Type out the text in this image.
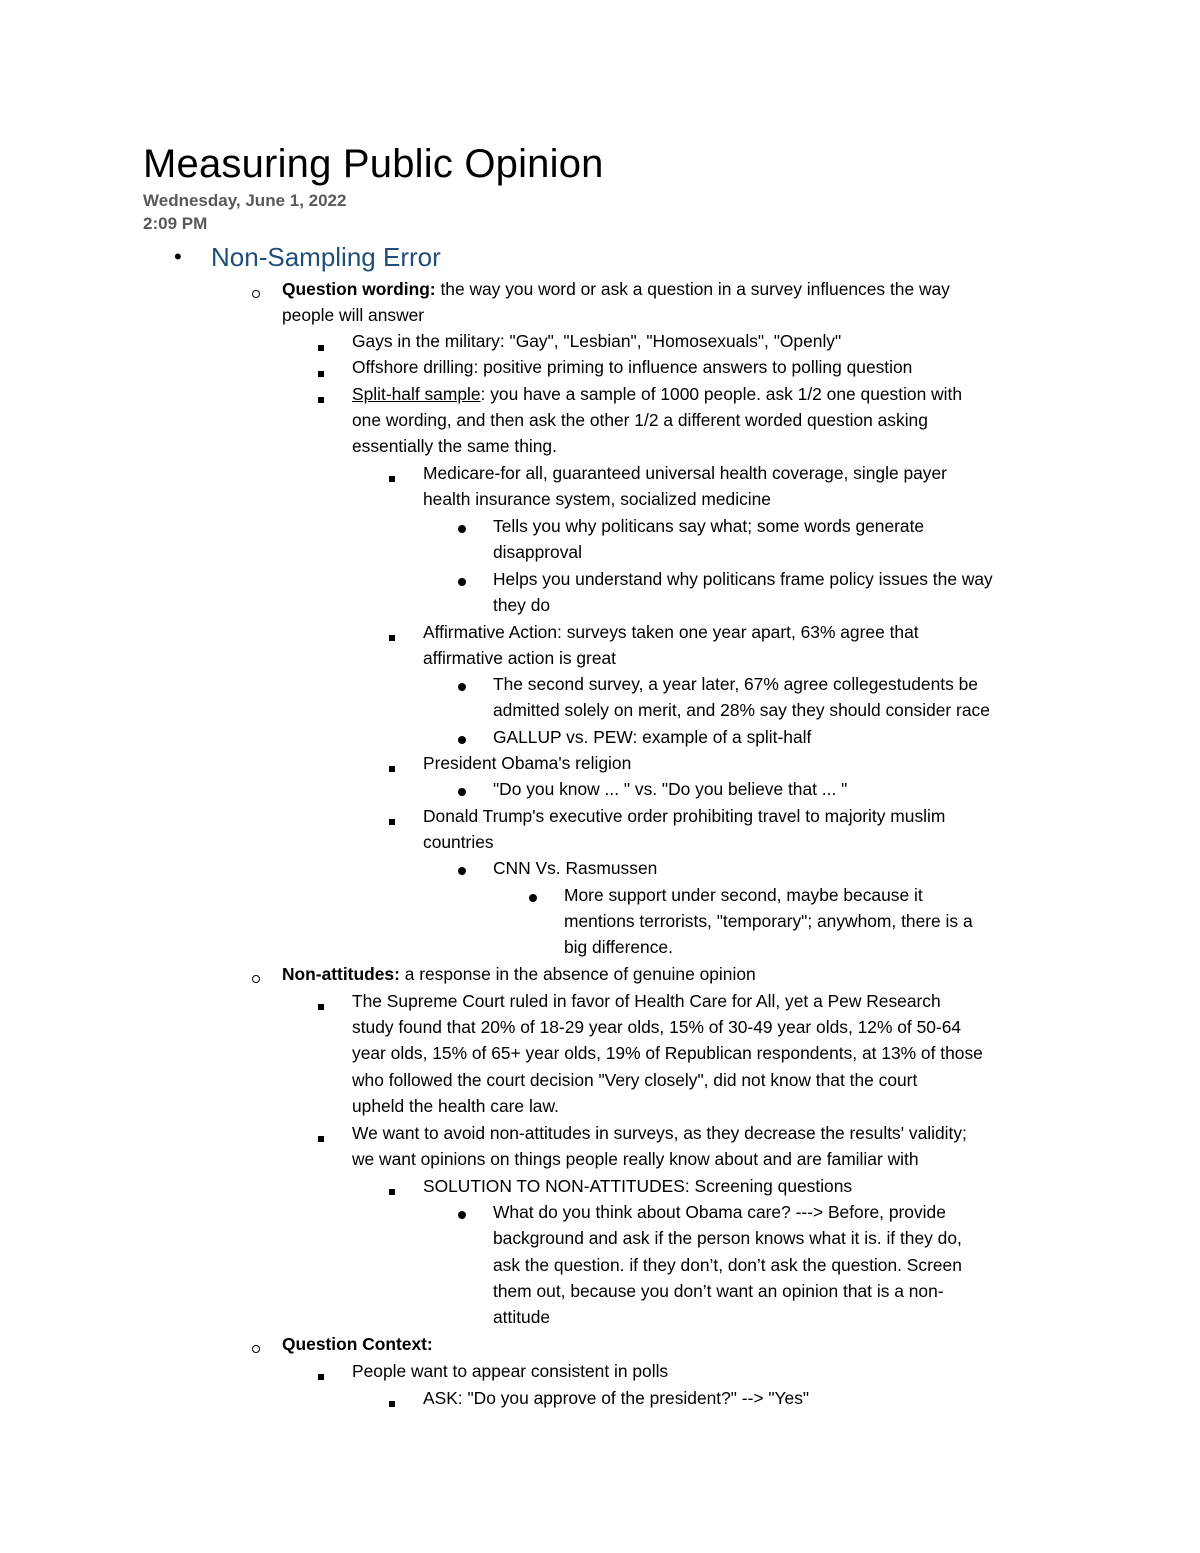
Measuring Public Opinion
Wednesday, June 1, 2022
2:09 PM
• Non-Sampling Error
Question wording: the way you word or ask a question in a survey influences the way
people will answer
Gays in the military: "Gay", "Lesbian", "Homosexuals", "Openly"
Offshore drilling: positive priming to influence answers to polling question
Split-half sample: you have a sample of 1000 people. ask 1/2 one question with
one wording, and then ask the other 1/2 a different worded question asking
essentially the same thing.
Medicare-for all, guaranteed universal health coverage, single payer
health insurance system, socialized medicine
Tells you why politicans say what; some words generate
disapproval
Helps you understand why politicans frame policy issues the way
they do
Affirmative Action: surveys taken one year apart, 63% agree that
affirmative action is great
The second survey, a year later, 67% agree collegestudents be
admitted solely on merit, and 28% say they should consider race
GALLUP vs. PEW: example of a split-half
President Obama's religion
"Do you know ... " vs. "Do you believe that ... "
Donald Trump's executive order prohibiting travel to majority muslim
countries
CNN Vs. Rasmussen
More support under second, maybe because it
mentions terrorists, "temporary"; anywhom, there is a
big difference.
Non-attitudes: a response in the absence of genuine opinion
The Supreme Court ruled in favor of Health Care for All, yet a Pew Research
study found that 20% of 18-29 year olds, 15% of 30-49 year olds, 12% of 50-64
year olds, 15% of 65+ year olds, 19% of Republican respondents, at 13% of those
who followed the court decision "Very closely", did not know that the court
upheld the health care law.
We want to avoid non-attitudes in surveys, as they decrease the results' validity;
we want opinions on things people really know about and are familiar with
SOLUTION TO NON-ATTITUDES: Screening questions
What do you think about Obama care? ---> Before, provide
background and ask if the person knows what it is. if they do,
ask the question. if they don’t, don’t ask the question. Screen
them out, because you don’t want an opinion that is a non-
attitude
Question Context:
People want to appear consistent in polls
ASK: "Do you approve of the president?" --> "Yes"
